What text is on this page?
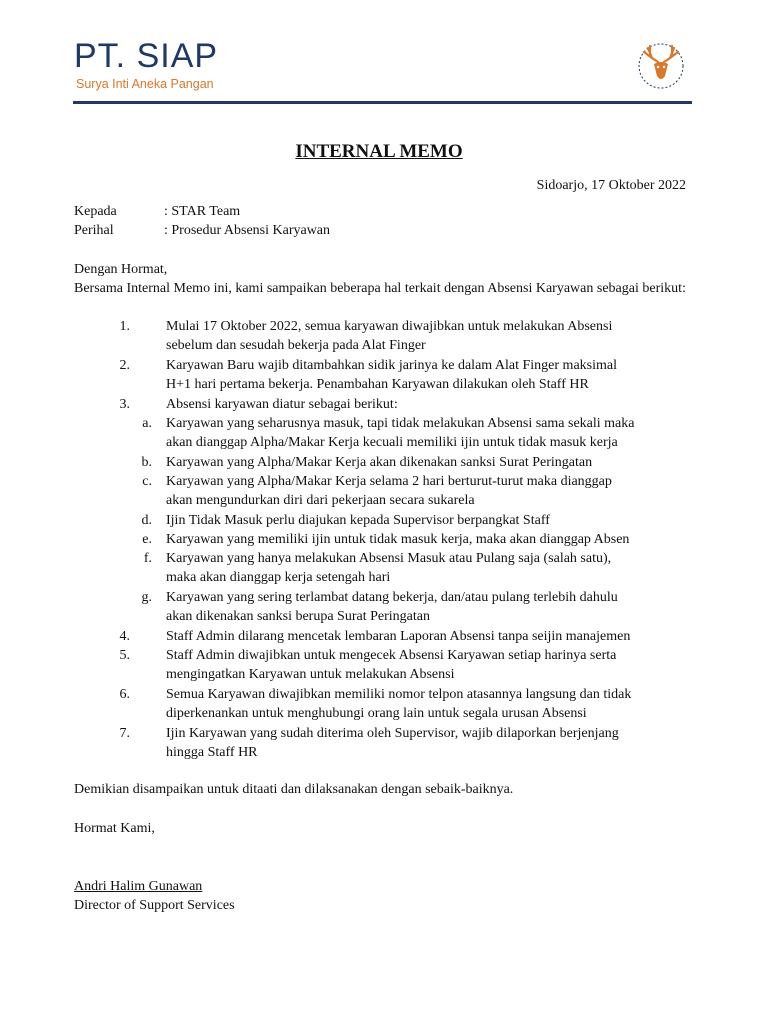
PT. SIAP
Surya Inti Aneka Pangan
INTERNAL MEMO
Sidoarjo, 17 Oktober 2022
Kepada	: STAR Team
Perihal	: Prosedur Absensi Karyawan
Dengan Hormat,
Bersama Internal Memo ini, kami sampaikan beberapa hal terkait dengan Absensi Karyawan sebagai berikut:
1.	Mulai 17 Oktober 2022, semua karyawan diwajibkan untuk melakukan Absensi
sebelum dan sesudah bekerja pada Alat Finger
2.	Karyawan Baru wajib ditambahkan sidik jarinya ke dalam Alat Finger maksimal
H+1 hari pertama bekerja. Penambahan Karyawan dilakukan oleh Staff HR
3.	Absensi karyawan diatur sebagai berikut:
a. Karyawan yang seharusnya masuk, tapi tidak melakukan Absensi sama sekali maka
akan dianggap Alpha/Makar Kerja kecuali memiliki ijin untuk tidak masuk kerja
b. Karyawan yang Alpha/Makar Kerja akan dikenakan sanksi Surat Peringatan
c. Karyawan yang Alpha/Makar Kerja selama 2 hari berturut-turut maka dianggap
akan mengundurkan diri dari pekerjaan secara sukarela
d. Ijin Tidak Masuk perlu diajukan kepada Supervisor berpangkat Staff
e. Karyawan yang memiliki ijin untuk tidak masuk kerja, maka akan dianggap Absen
f. Karyawan yang hanya melakukan Absensi Masuk atau Pulang saja (salah satu),
maka akan dianggap kerja setengah hari
g. Karyawan yang sering terlambat datang bekerja, dan/atau pulang terlebih dahulu
akan dikenakan sanksi berupa Surat Peringatan
4.	Staff Admin dilarang mencetak lembaran Laporan Absensi tanpa seijin manajemen
5.	Staff Admin diwajibkan untuk mengecek Absensi Karyawan setiap harinya serta
mengingatkan Karyawan untuk melakukan Absensi
6.	Semua Karyawan diwajibkan memiliki nomor telpon atasannya langsung dan tidak
diperkenankan untuk menghubungi orang lain untuk segala urusan Absensi
7.	Ijin Karyawan yang sudah diterima oleh Supervisor, wajib dilaporkan berjenjang
hingga Staff HR
Demikian disampaikan untuk ditaati dan dilaksanakan dengan sebaik-baiknya.
Hormat Kami,
Andri Halim Gunawan
Director of Support Services
